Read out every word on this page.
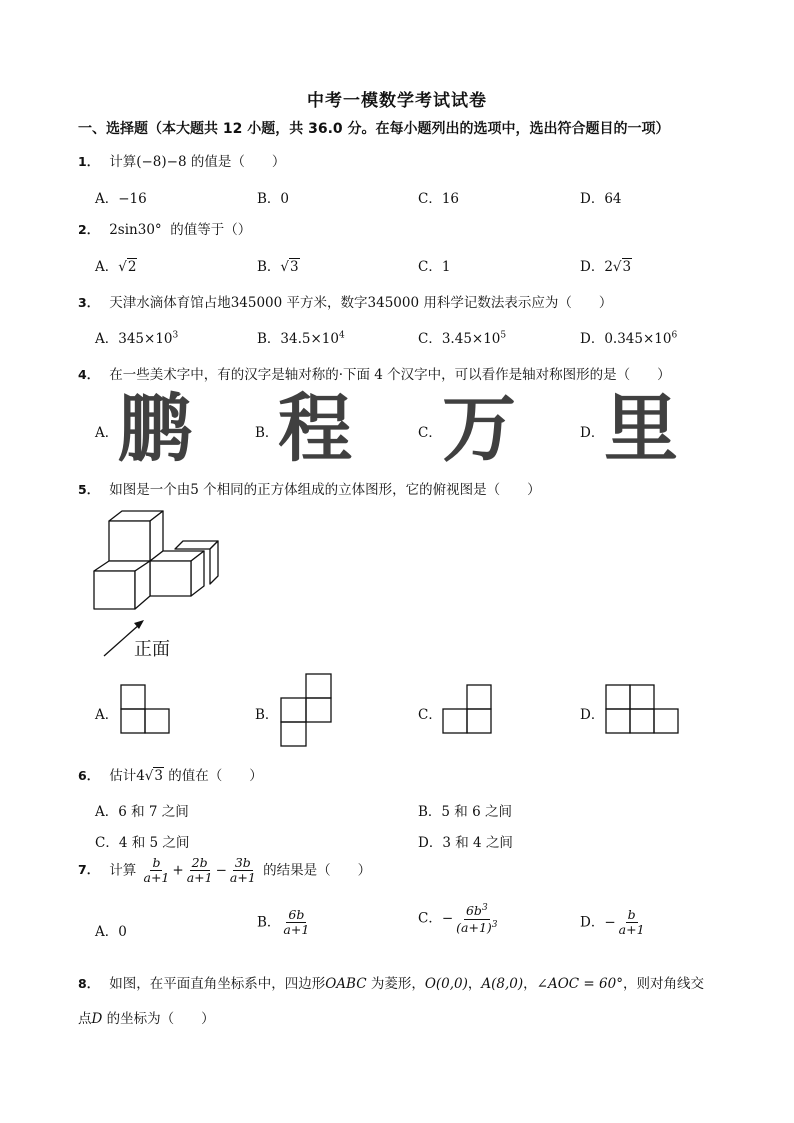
中考一模数学考试试卷
一、选择题（本大题共 12 小题，共 36.0 分。在每小题列出的选项中，选出符合题目的一项）
1． 计算(−8)−8 的值是（　　）
A．−16	B．0	C．16	D．64
2． 2sin30° 的值等于（）
A．√2	B．√3	C．1	D．2√3
3． 天津水滴体育馆占地345000 平方米，数字345000 用科学记数法表示应为（　　）
A．$345\times 10^3$	B．$34.5\times 10^4$	C．$3.45\times 10^5$	D．$0.345\times 10^6$
4． 在一些美术字中，有的汉字是轴对称的·下面 4 个汉字中，可以看作是轴对称图形的是（　　）
A． 鹏	B． 程	C． 万	D． 里
5． 如图是一个由5 个相同的正方体组成的立体图形，它的俯视图是（　　）
正面
A．	B．	C．	D．
6． 估计4√3 的值在（　　）
A．6 和 7 之间	B．5 和 6 之间
C．4 和 5 之间	D．3 和 4 之间
7． 计算 $\frac{b}{a+1} + \frac{2b}{a+1} - \frac{3b}{a+1}$ 的结果是（　　）
A．0
B． $\frac{6b}{a+1}$	C．− $\frac{6b^3}{(a+1)^3}$	D．− $\frac{b}{a+1}$
8． 如图，在平面直角坐标系中，四边形OABC 为菱形，O(0,0)，A(8,0)，∠AOC = 60°，则对角线交
点D 的坐标为（　　）
